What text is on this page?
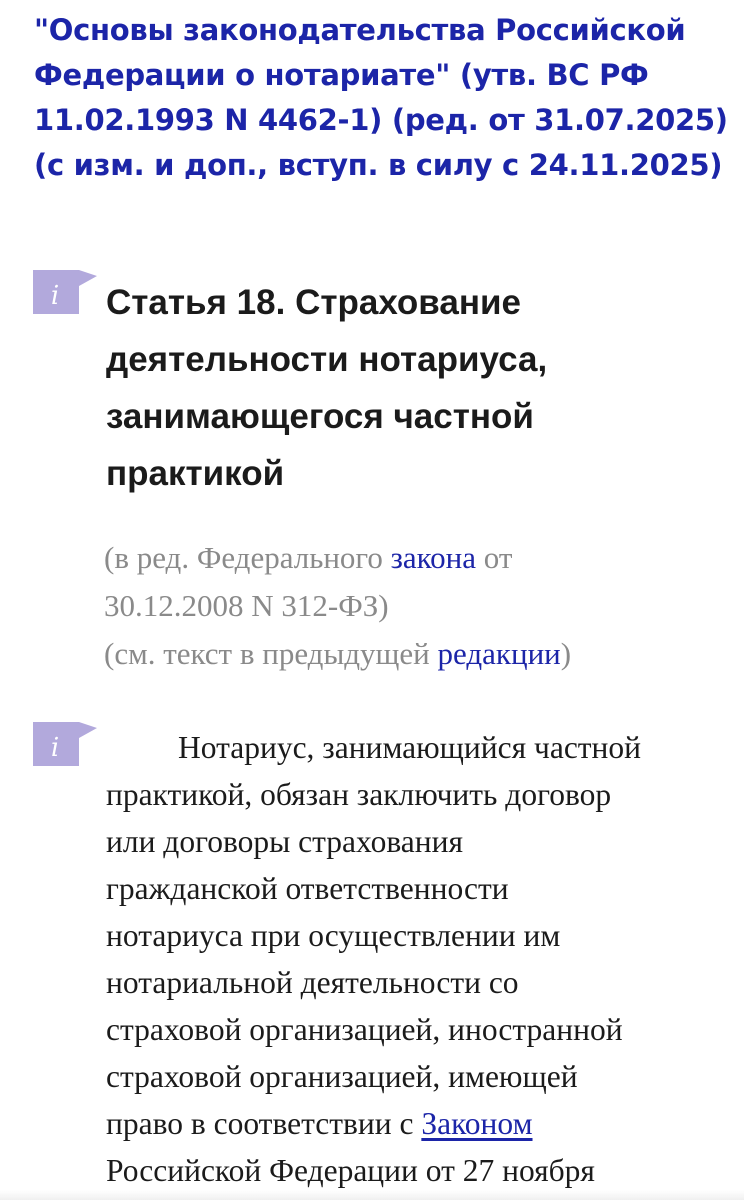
"Основы законодательства Российской
Федерации о нотариате" (утв. ВС РФ
11.02.1993 N 4462-1) (ред. от 31.07.2025)
(с изм. и доп., вступ. в силу с 24.11.2025)
i Статья 18. Страхование
деятельности нотариуса,
занимающегося частной
практикой
(в ред. Федерального закона от
30.12.2008 N 312-ФЗ)
(см. текст в предыдущей редакции)
i	Нотариус, занимающийся частной
практикой, обязан заключить договор
или договоры страхования
гражданской ответственности
нотариуса при осуществлении им
нотариальной деятельности со
страховой организацией, иностранной
страховой организацией, имеющей
право в соответствии с Законом
Российской Федерации от 27 ноября
